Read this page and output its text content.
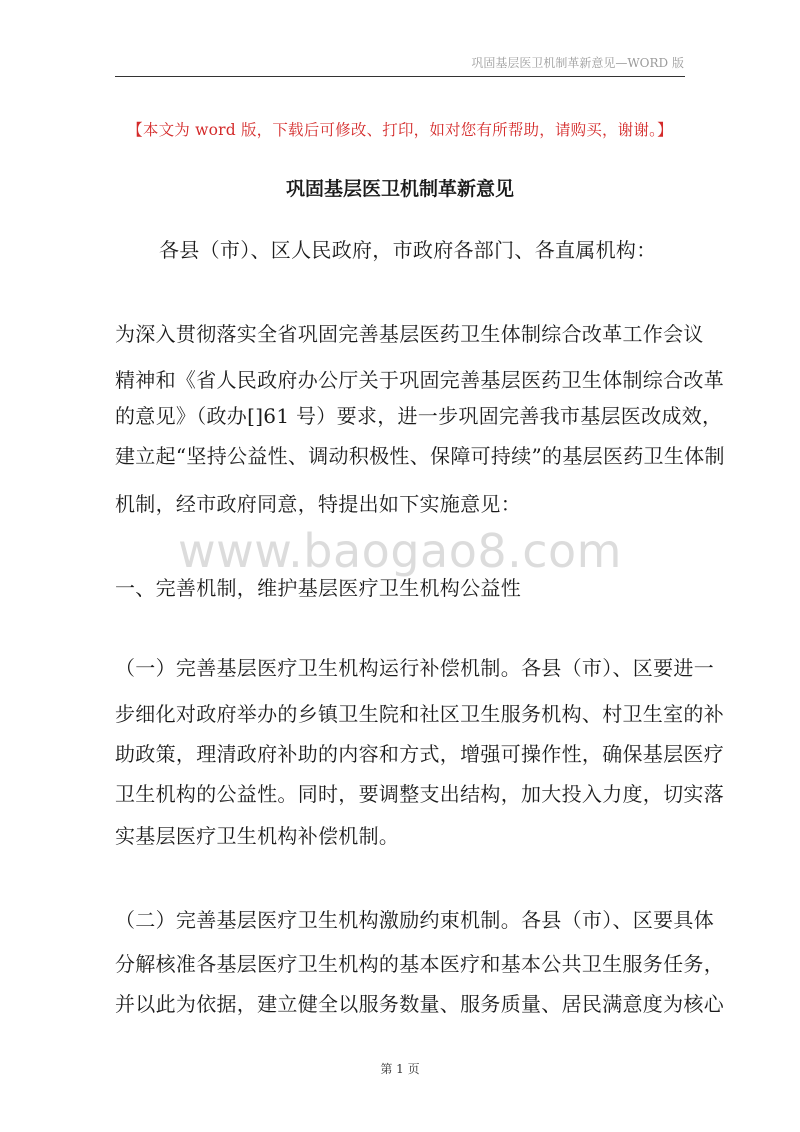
巩固基层医卫机制革新意见—WORD 版
【本文为 word 版，下载后可修改、打印，如对您有所帮助，请购买，谢谢。】
巩固基层医卫机制革新意见
各县（市）、区人民政府，市政府各部门、各直属机构：
为深入贯彻落实全省巩固完善基层医药卫生体制综合改革工作会议
精神和《省人民政府办公厅关于巩固完善基层医药卫生体制综合改革
的意见》（政办[]61 号）要求，进一步巩固完善我市基层医改成效，
建立起“坚持公益性、调动积极性、保障可持续”的基层医药卫生体制
机制，经市政府同意，特提出如下实施意见：
www.baogao8.com
一、完善机制，维护基层医疗卫生机构公益性
（一）完善基层医疗卫生机构运行补偿机制。各县（市）、区要进一
步细化对政府举办的乡镇卫生院和社区卫生服务机构、村卫生室的补
助政策，理清政府补助的内容和方式，增强可操作性，确保基层医疗
卫生机构的公益性。同时，要调整支出结构，加大投入力度，切实落
实基层医疗卫生机构补偿机制。
（二）完善基层医疗卫生机构激励约束机制。各县（市）、区要具体
分解核准各基层医疗卫生机构的基本医疗和基本公共卫生服务任务，
并以此为依据，建立健全以服务数量、服务质量、居民满意度为核心
第 1 页
